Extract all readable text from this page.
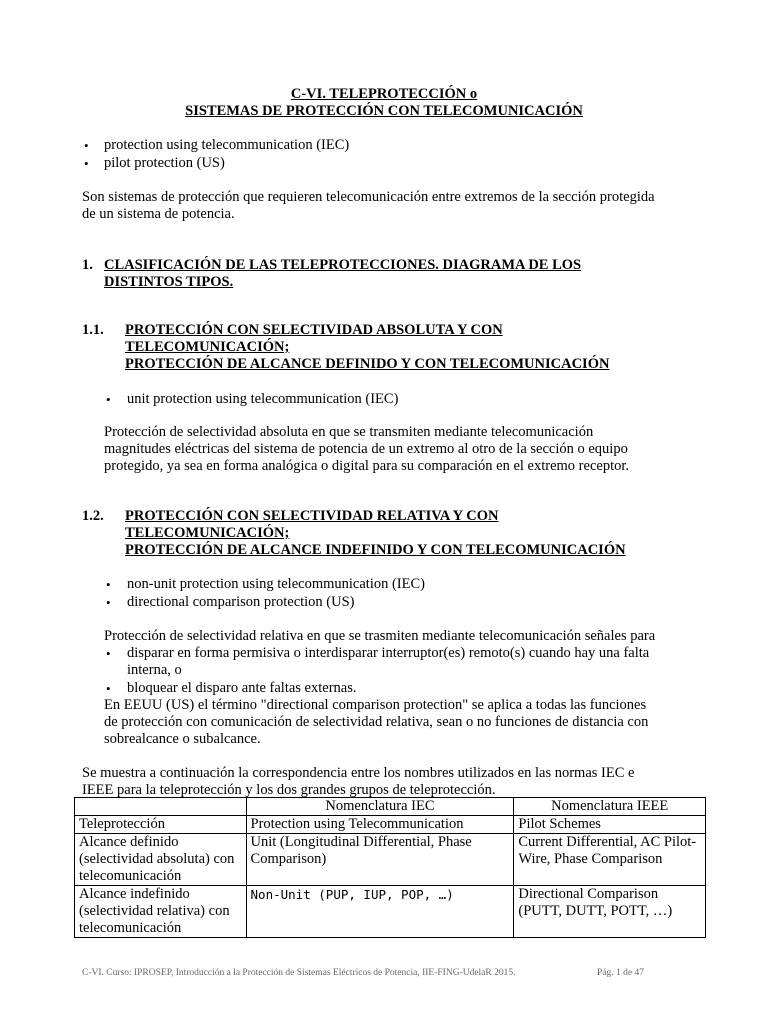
C-VI. TELEPROTECCIÓN o
SISTEMAS DE PROTECCIÓN CON TELECOMUNICACIÓN
• protection using telecommunication (IEC)
• pilot protection (US)
Son sistemas de protección que requieren telecomunicación entre extremos de la sección protegida
de un sistema de potencia.
1. CLASIFICACIÓN DE LAS TELEPROTECCIONES. DIAGRAMA DE LOS
DISTINTOS TIPOS.
1.1. PROTECCIÓN CON SELECTIVIDAD ABSOLUTA Y CON
TELECOMUNICACIÓN;
PROTECCIÓN DE ALCANCE DEFINIDO Y CON TELECOMUNICACIÓN
• unit protection using telecommunication (IEC)
Protección de selectividad absoluta en que se transmiten mediante telecomunicación
magnitudes eléctricas del sistema de potencia de un extremo al otro de la sección o equipo
protegido, ya sea en forma analógica o digital para su comparación en el extremo receptor.
1.2. PROTECCIÓN CON SELECTIVIDAD RELATIVA Y CON
TELECOMUNICACIÓN;
PROTECCIÓN DE ALCANCE INDEFINIDO Y CON TELECOMUNICACIÓN
• non-unit protection using telecommunication (IEC)
• directional comparison protection (US)
Protección de selectividad relativa en que se trasmiten mediante telecomunicación señales para
• disparar en forma permisiva o interdisparar interruptor(es) remoto(s) cuando hay una falta
interna, o
• bloquear el disparo ante faltas externas.
En EEUU (US) el término "directional comparison protection" se aplica a todas las funciones
de protección con comunicación de selectividad relativa, sean o no funciones de distancia con
sobrealcance o subalcance.
Se muestra a continuación la correspondencia entre los nombres utilizados en las normas IEC e
IEEE para la teleprotección y los dos grandes grupos de teleprotección.
	Nomenclatura IEC	Nomenclatura IEEE
Teleprotección	Protection using Telecommunication	Pilot Schemes
Alcance definido (selectividad absoluta) con telecomunicación	Unit (Longitudinal Differential, Phase Comparison)	Current Differential, AC Pilot-Wire, Phase Comparison
Alcance indefinido (selectividad relativa) con telecomunicación	Non-Unit (PUP, IUP, POP, …)	Directional Comparison (PUTT, DUTT, POTT, …)
C-VI. Curso: IPROSEP, Introducción a la Protección de Sistemas Eléctricos de Potencia, IIE-FING-UdelaR 2015.	Pág. 1 de 47
